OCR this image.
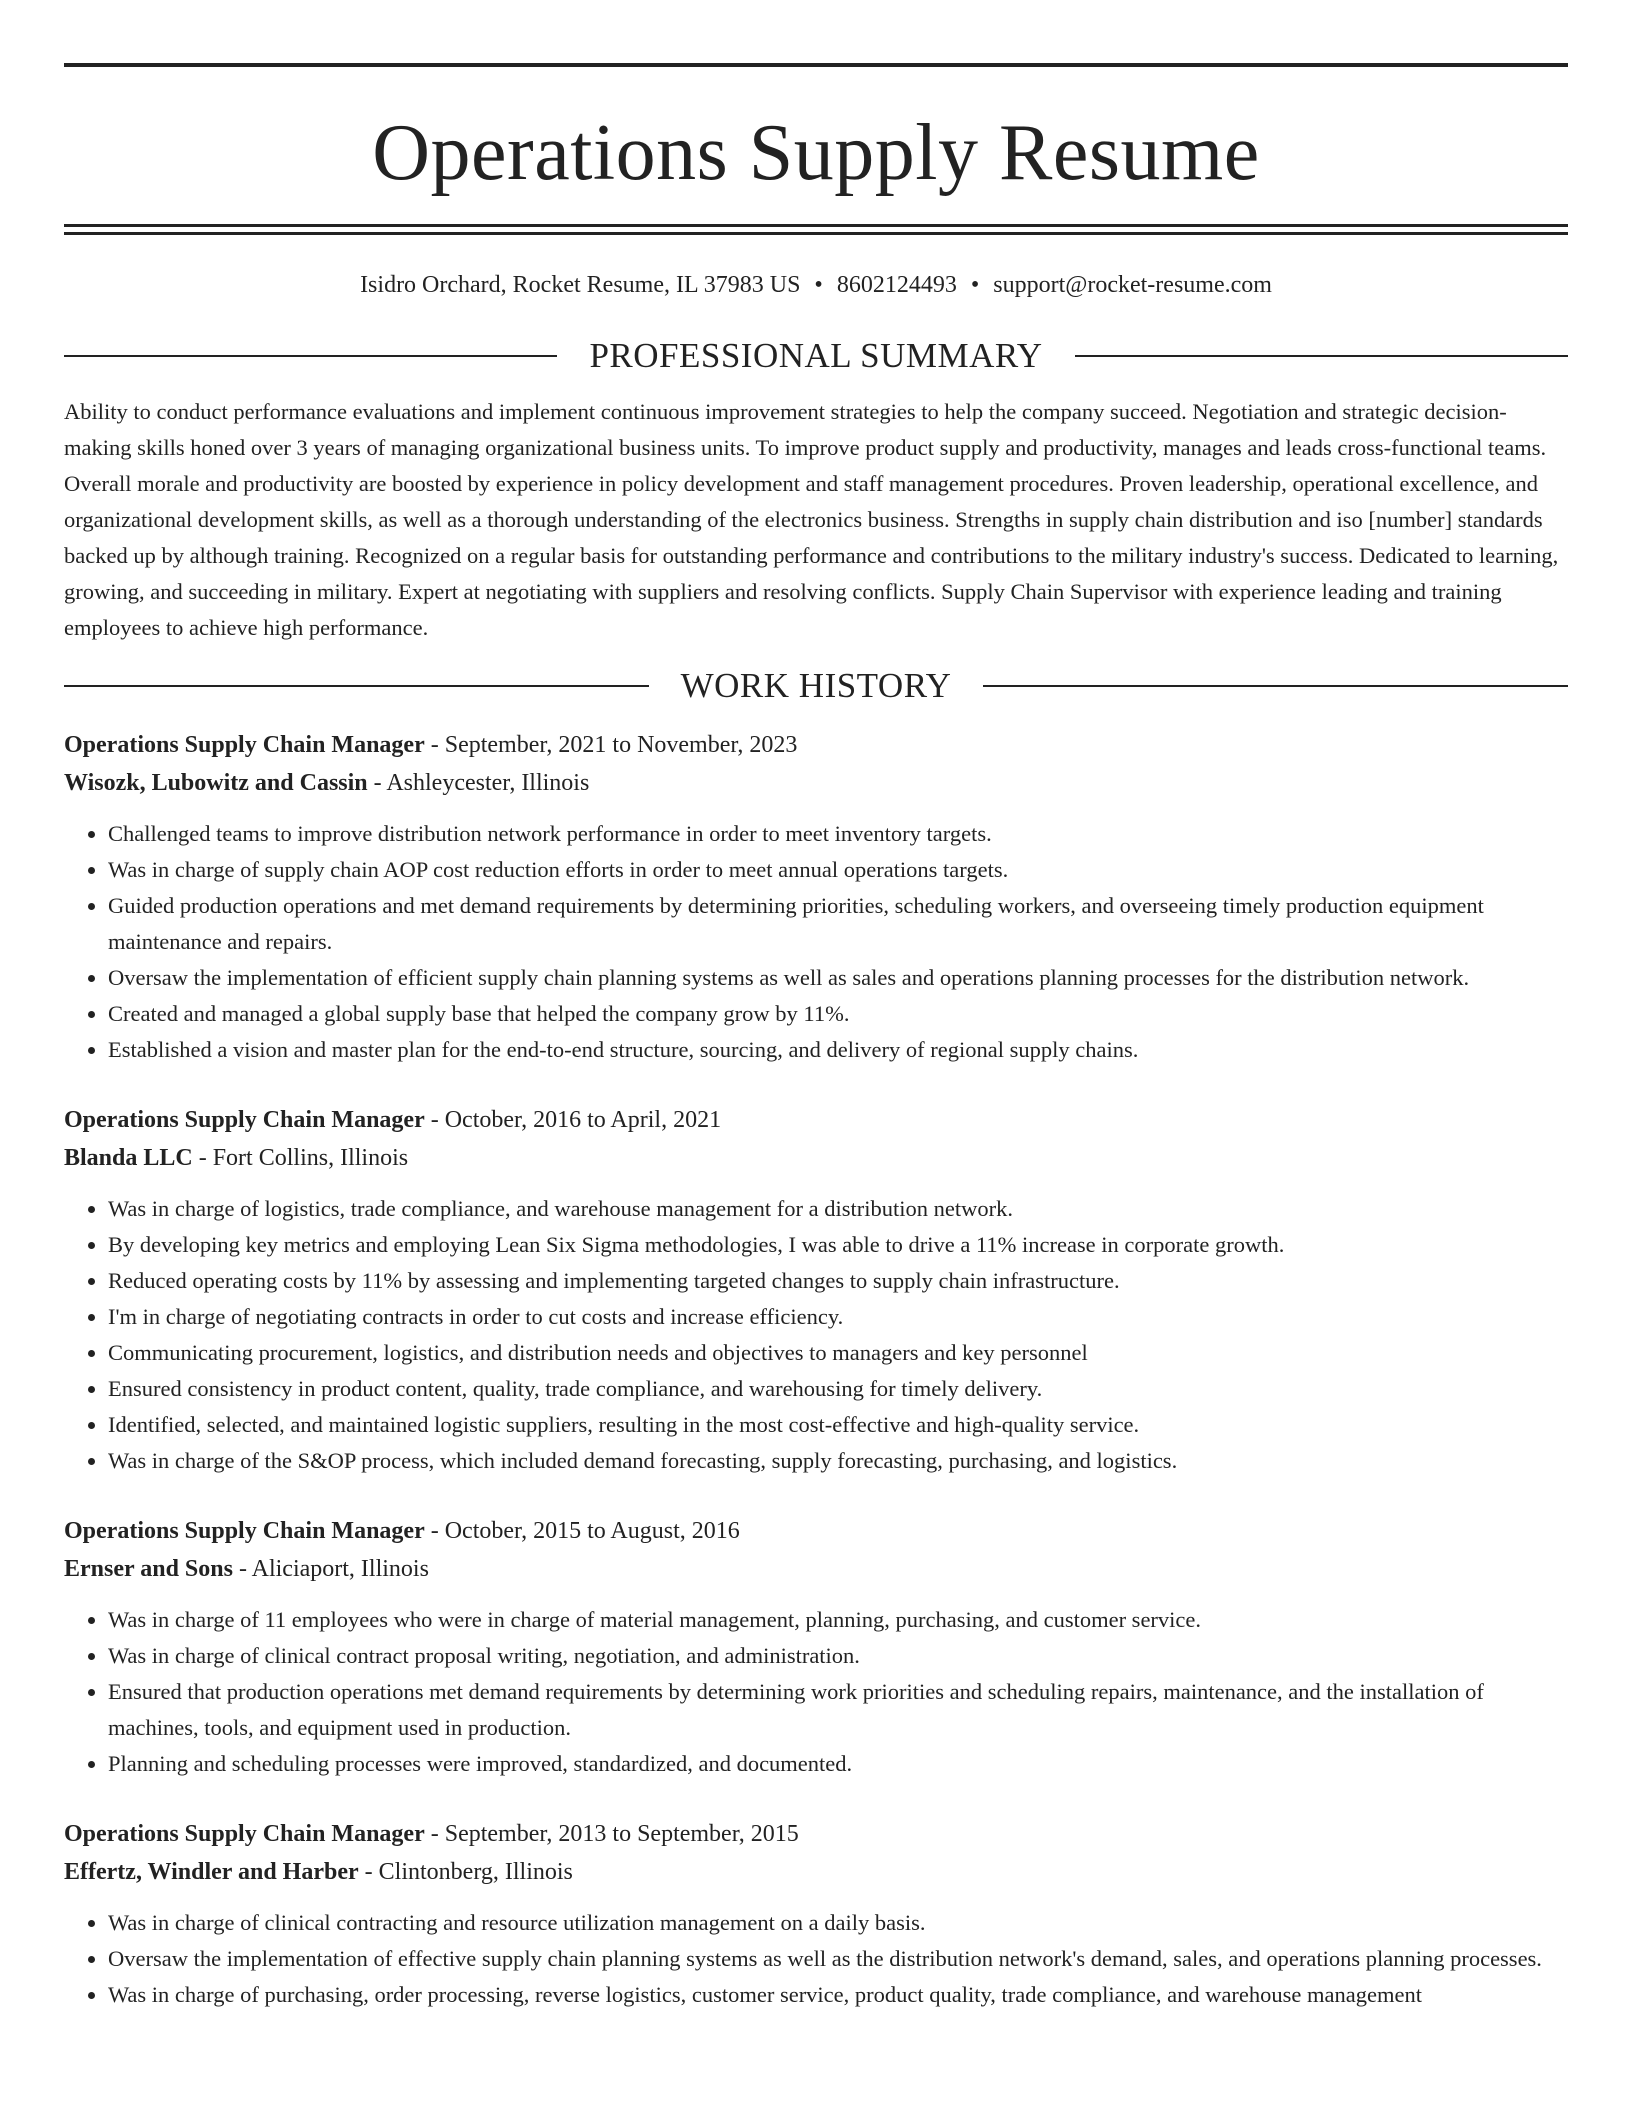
Operations Supply Resume
Isidro Orchard, Rocket Resume, IL 37983 US • 8602124493 • support@rocket-resume.com
PROFESSIONAL SUMMARY

Ability to conduct performance evaluations and implement continuous improvement strategies to help the company succeed. Negotiation and strategic decision-making skills honed over 3 years of managing organizational business units. To improve product supply and productivity, manages and leads cross-functional teams. Overall morale and productivity are boosted by experience in policy development and staff management procedures. Proven leadership, operational excellence, and organizational development skills, as well as a thorough understanding of the electronics business. Strengths in supply chain distribution and iso [number] standards backed up by although training. Recognized on a regular basis for outstanding performance and contributions to the military industry's success. Dedicated to learning, growing, and succeeding in military. Expert at negotiating with suppliers and resolving conflicts. Supply Chain Supervisor with experience leading and training employees to achieve high performance.

WORK HISTORY
Operations Supply Chain Manager - September, 2021 to November, 2023
Wisozk, Lubowitz and Cassin - Ashleycester, Illinois
• Challenged teams to improve distribution network performance in order to meet inventory targets.
• Was in charge of supply chain AOP cost reduction efforts in order to meet annual operations targets.
• Guided production operations and met demand requirements by determining priorities, scheduling workers, and overseeing timely production equipment maintenance and repairs.
• Oversaw the implementation of efficient supply chain planning systems as well as sales and operations planning processes for the distribution network.
• Created and managed a global supply base that helped the company grow by 11%.
• Established a vision and master plan for the end-to-end structure, sourcing, and delivery of regional supply chains.
Operations Supply Chain Manager - October, 2016 to April, 2021
Blanda LLC - Fort Collins, Illinois
• Was in charge of logistics, trade compliance, and warehouse management for a distribution network.
• By developing key metrics and employing Lean Six Sigma methodologies, I was able to drive a 11% increase in corporate growth.
• Reduced operating costs by 11% by assessing and implementing targeted changes to supply chain infrastructure.
• I'm in charge of negotiating contracts in order to cut costs and increase efficiency.
• Communicating procurement, logistics, and distribution needs and objectives to managers and key personnel
• Ensured consistency in product content, quality, trade compliance, and warehousing for timely delivery.
• Identified, selected, and maintained logistic suppliers, resulting in the most cost-effective and high-quality service.
• Was in charge of the S&OP process, which included demand forecasting, supply forecasting, purchasing, and logistics.
Operations Supply Chain Manager - October, 2015 to August, 2016
Ernser and Sons - Aliciaport, Illinois
• Was in charge of 11 employees who were in charge of material management, planning, purchasing, and customer service.
• Was in charge of clinical contract proposal writing, negotiation, and administration.
• Ensured that production operations met demand requirements by determining work priorities and scheduling repairs, maintenance, and the installation of machines, tools, and equipment used in production.
• Planning and scheduling processes were improved, standardized, and documented.
Operations Supply Chain Manager - September, 2013 to September, 2015
Effertz, Windler and Harber - Clintonberg, Illinois
• Was in charge of clinical contracting and resource utilization management on a daily basis.
• Oversaw the implementation of effective supply chain planning systems as well as the distribution network's demand, sales, and operations planning processes.
• Was in charge of purchasing, order processing, reverse logistics, customer service, product quality, trade compliance, and warehouse management
